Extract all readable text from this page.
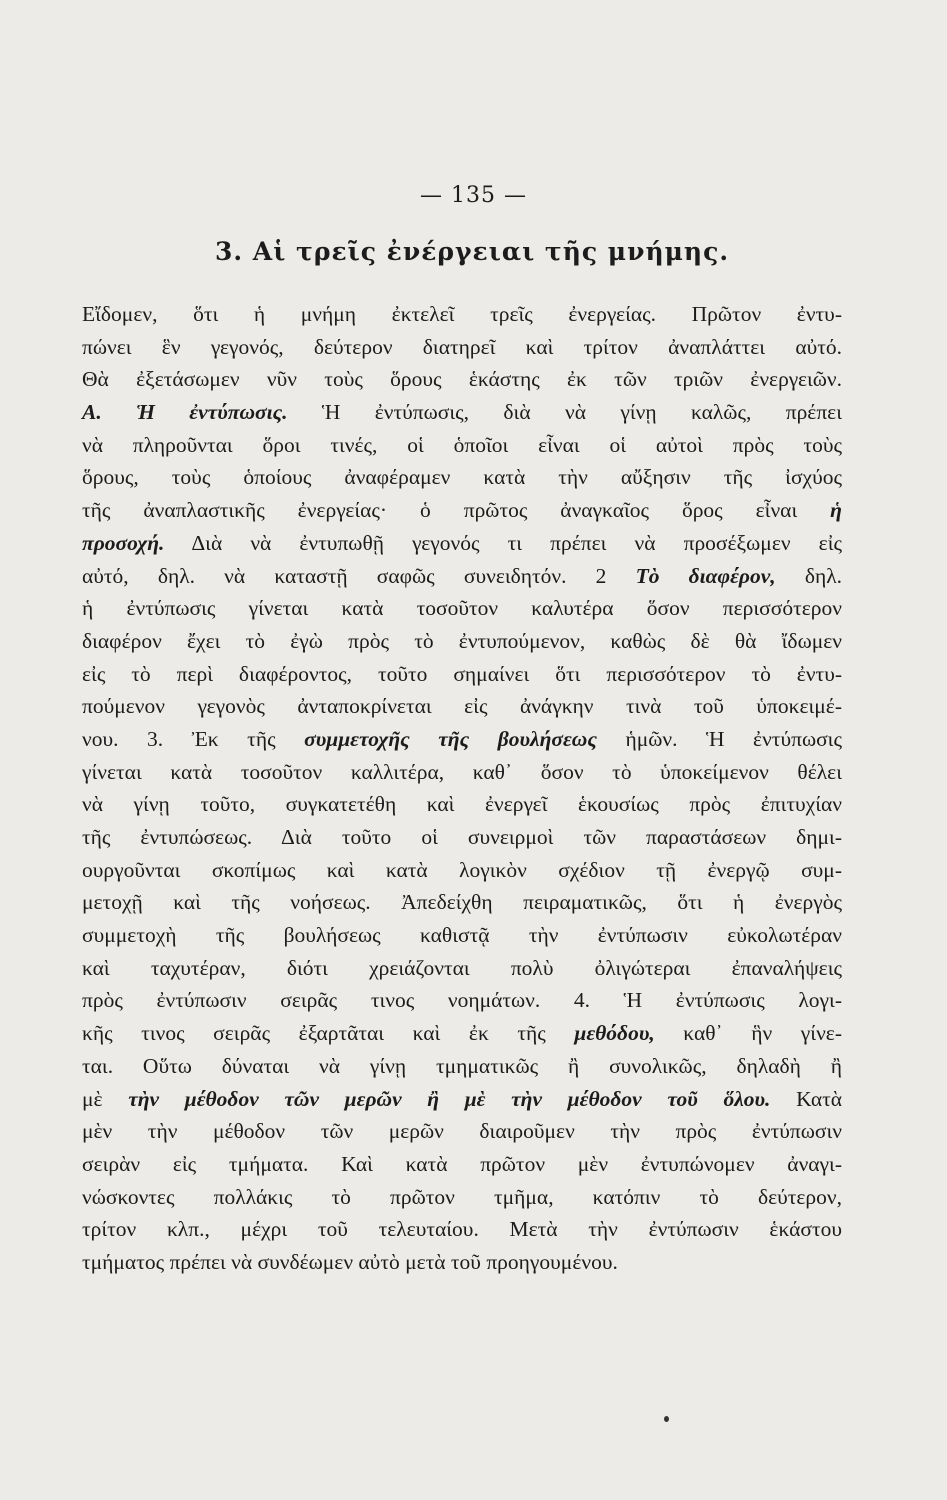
— 135 —
3. Αἱ τρεῖς ἐνέργειαι τῆς μνήμης.
Εἴδομεν, ὅτι ἡ μνήμη ἐκτελεῖ τρεῖς ἐνεργείας. Πρῶτον ἐντυ-
πώνει ἓν γεγονός, δεύτερον διατηρεῖ καὶ τρίτον ἀναπλάττει αὐτό.
Θὰ ἐξετάσωμεν νῦν τοὺς ὅρους ἑκάστης ἐκ τῶν τριῶν ἐνεργειῶν.
Α. Ἡ ἐντύπωσις. Ἡ ἐντύπωσις, διὰ νὰ γίνῃ καλῶς, πρέπει
νὰ πληροῦνται ὅροι τινές, οἱ ὁποῖοι εἶναι οἱ αὐτοὶ πρὸς τοὺς
ὅρους, τοὺς ὁποίους ἀναφέραμεν κατὰ τὴν αὔξησιν τῆς ἰσχύος
τῆς ἀναπλαστικῆς ἐνεργείας· ὁ πρῶτος ἀναγκαῖος ὅρος εἶναι ἡ
προσοχή. Διὰ νὰ ἐντυπωθῇ γεγονός τι πρέπει νὰ προσέξωμεν εἰς
αὐτό, δηλ. νὰ καταστῇ σαφῶς συνειδητόν. 2 Τὸ διαφέρον, δηλ.
ἡ ἐντύπωσις γίνεται κατὰ τοσοῦτον καλυτέρα ὅσον περισσότερον
διαφέρον ἔχει τὸ ἐγὼ πρὸς τὸ ἐντυπούμενον, καθὼς δὲ θὰ ἴδωμεν
εἰς τὸ περὶ διαφέροντος, τοῦτο σημαίνει ὅτι περισσότερον τὸ ἐντυ-
πούμενον γεγονὸς ἀνταποκρίνεται εἰς ἀνάγκην τινὰ τοῦ ὑποκειμέ-
νου. 3. Ἐκ τῆς συμμετοχῆς τῆς βουλήσεως ἡμῶν. Ἡ ἐντύπωσις
γίνεται κατὰ τοσοῦτον καλλιτέρα, καθ᾽ ὅσον τὸ ὑποκείμενον θέλει
νὰ γίνῃ τοῦτο, συγκατετέθη καὶ ἐνεργεῖ ἑκουσίως πρὸς ἐπιτυχίαν
τῆς ἐντυπώσεως. Διὰ τοῦτο οἱ συνειρμοὶ τῶν παραστάσεων δημι-
ουργοῦνται σκοπίμως καὶ κατὰ λογικὸν σχέδιον τῇ ἐνεργῷ συμ-
μετοχῇ καὶ τῆς νοήσεως. Ἀπεδείχθη πειραματικῶς, ὅτι ἡ ἐνεργὸς
συμμετοχὴ τῆς βουλήσεως καθιστᾷ τὴν ἐντύπωσιν εὐκολωτέραν
καὶ ταχυτέραν, διότι χρειάζονται πολὺ ὀλιγώτεραι ἐπαναλήψεις
πρὸς ἐντύπωσιν σειρᾶς τινος νοημάτων. 4. Ἡ ἐντύπωσις λογι-
κῆς τινος σειρᾶς ἐξαρτᾶται καὶ ἐκ τῆς μεθόδου, καθ᾽ ἣν γίνε-
ται. Οὕτω δύναται νὰ γίνῃ τμηματικῶς ἢ συνολικῶς, δηλαδὴ ἢ
μὲ τὴν μέθοδον τῶν μερῶν ἢ μὲ τὴν μέθοδον τοῦ ὅλου. Κατὰ
μὲν τὴν μέθοδον τῶν μερῶν διαιροῦμεν τὴν πρὸς ἐντύπωσιν
σειρὰν εἰς τμήματα. Καὶ κατὰ πρῶτον μὲν ἐντυπώνομεν ἀναγι-
νώσκοντες πολλάκις τὸ πρῶτον τμῆμα, κατόπιν τὸ δεύτερον,
τρίτον κλπ., μέχρι τοῦ τελευταίου. Μετὰ τὴν ἐντύπωσιν ἑκάστου
τμήματος πρέπει νὰ συνδέωμεν αὐτὸ μετὰ τοῦ προηγουμένου.
